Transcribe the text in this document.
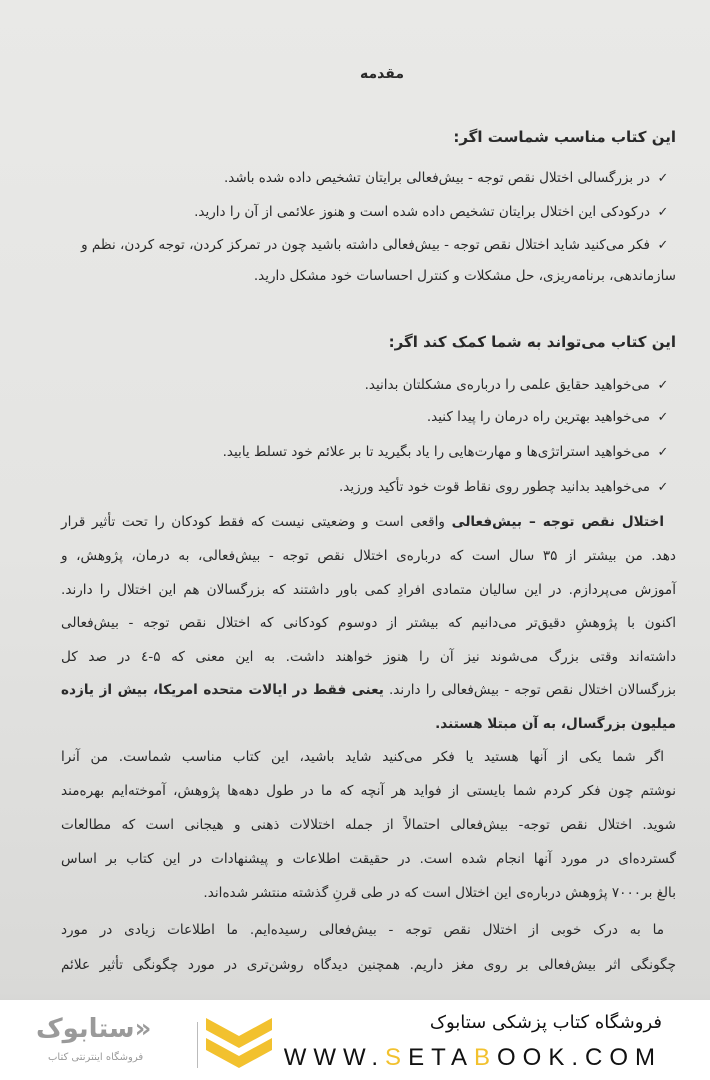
مقدمه
این کتاب مناسب شماست اگر:
✓در بزرگسالی اختلال نقص توجه - بیش‌فعالی برایتان تشخیص داده شده باشد.
✓درکودکی این اختلال برایتان تشخیص داده شده است و هنوز علائمی از آن را دارید.
✓فکر می‌کنید شاید اختلال نقص توجه - بیش‌فعالی داشته باشید چون در تمرکز کردن، توجه کردن، نظم و سازماندهی، برنامه‌ریزی، حل مشکلات و کنترل احساسات خود مشکل دارید.
این کتاب می‌تواند به شما کمک کند اگر:
✓می‌خواهید حقایق علمی را درباره‌ی مشکلتان بدانید.
✓می‌خواهید بهترین راه درمان را پیدا کنید.
✓می‌خواهید استراتژی‌ها و مهارت‌هایی را یاد بگیرید تا بر علائم خود تسلط یابید.
✓می‌خواهید بدانید چطور روی نقاط قوت خود تأکید ورزید.
اختلال نقص توجه – بیش‌فعالی واقعی است و وضعیتی نیست که فقط کودکان را تحت تأثیر قرار
دهد. من بیشتر از ۳۵ سال است که درباره‌ی اختلال نقص توجه - بیش‌فعالی، به درمان، پژوهش، و
آموزش می‌پردازم. در این سالیان متمادی افرادِ کمی باور داشتند که بزرگسالان هم این اختلال را دارند.
اکنون با پژوهشِ دقیق‌تر می‌دانیم که بیشتر از دوسوم کودکانی که اختلال نقص توجه - بیش‌فعالی
داشته‌اند وقتی بزرگ می‌شوند نیز آن را هنوز خواهند داشت. به این معنی که ۵-٤ در صد کل
بزرگسالان اختلال نقص توجه - بیش‌فعالی را دارند. یعنی فقط در ایالات متحده امریکا، بیش از یازده
میلیون بزرگسال، به آن مبتلا هستند.
اگر شما یکی از آنها هستید یا فکر می‌کنید شاید باشید، این کتاب مناسب شماست. من آنرا
نوشتم چون فکر کردم شما بایستی از فواید هر آنچه که ما در طول دهه‌ها پژوهش، آموخته‌ایم بهره‌مند
شوید. اختلال نقص توجه- بیش‌فعالی احتمالاً از جمله اختلالات ذهنی و هیجانی است که مطالعات
گسترده‌ای در مورد آنها انجام شده است. در حقیقت اطلاعات و پیشنهادات در این کتاب بر اساس
بالغ بر۷۰۰۰ پژوهش درباره‌ی این اختلال است که در طی قرنِ گذشته منتشر شده‌اند.
ما به درک خوبی از اختلال نقص توجه - بیش‌فعالی رسیده‌ایم. ما اطلاعات زیادی در مورد
چگونگی اثر بیش‌فعالی بر روی مغز داریم. همچنین دیدگاه روشن‌تری در مورد چگونگی تأثیر علائم
«ستابوک
فروشگاه اینترنتی کتاب
فروشگاه کتاب پزشکی ستابوک
WWW.SETABOOK.COM
